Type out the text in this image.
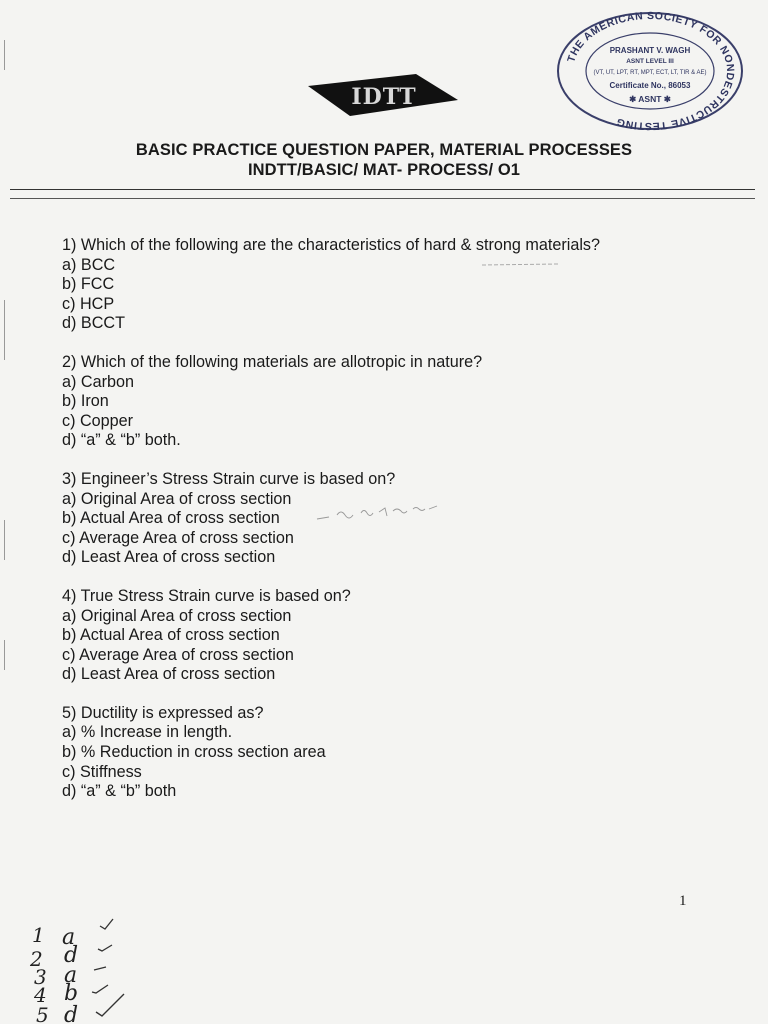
IDTT
THE AMERICAN SOCIETY FOR NONDESTRUCTIVE TESTING
PRASHANT V. WAGH
ASNT LEVEL III
(VT, UT, LPT, RT, MPT, ECT, LT, TIR & AE)
Certificate No., 86053
✱ ASNT ✱
BASIC PRACTICE QUESTION PAPER, MATERIAL PROCESSES
INDTT/BASIC/ MAT- PROCESS/ O1
1) Which of the following are the characteristics of hard & strong materials?
a) BCC
b) FCC
c) HCP
d) BCCT
2) Which of the following materials are allotropic in nature?
a) Carbon
b) Iron
c) Copper
d) “a” & “b” both.
3) Engineer’s Stress Strain curve is based on?
a) Original Area of cross section
b) Actual Area of cross section
c) Average Area of cross section
d) Least Area of cross section
4) True Stress Strain curve is based on?
a) Original Area of cross section
b) Actual Area of cross section
c) Average Area of cross section
d) Least Area of cross section
5) Ductility is expressed as?
a) % Increase in length.
b) % Reduction in cross section area
c) Stiffness
d) “a” & “b” both
1
1 a
2 d
3 a
4 b
5 d
